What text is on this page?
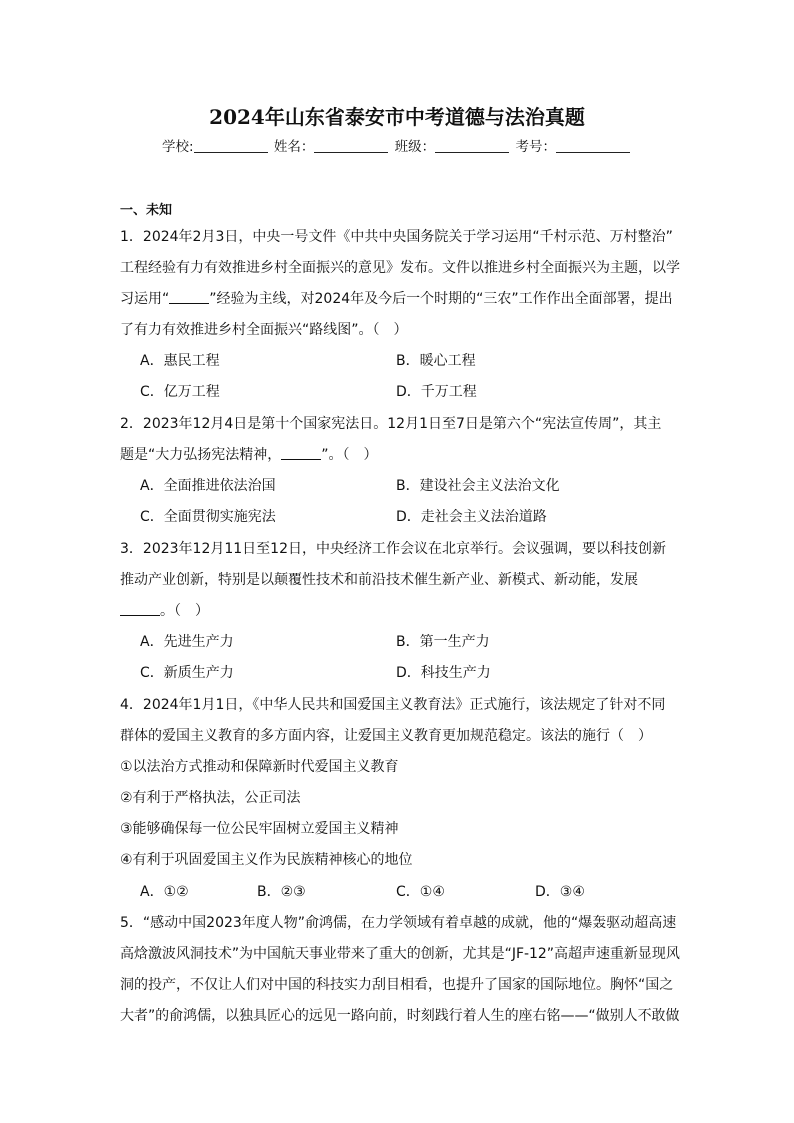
2024年山东省泰安市中考道德与法治真题
学校:	姓名：	班级：	考号：
一、未知
1．2024年2月3日，中央一号文件《中共中央国务院关于学习运用“千村示范、万村整治”
工程经验有力有效推进乡村全面振兴的意见》发布。文件以推进乡村全面振兴为主题，以学
习运用“	”经验为主线，对2024年及今后一个时期的“三农”工作作出全面部署，提出
了有力有效推进乡村全面振兴“路线图”。（　）
A．惠民工程	B．暖心工程
C．亿万工程	D．千万工程
2．2023年12月4日是第十个国家宪法日。12月1日至7日是第六个“宪法宣传周”，其主
题是“大力弘扬宪法精神，	”。（　）
A．全面推进依法治国	B．建设社会主义法治文化
C．全面贯彻实施宪法	D．走社会主义法治道路
3．2023年12月11日至12日，中央经济工作会议在北京举行。会议强调，要以科技创新
推动产业创新，特别是以颠覆性技术和前沿技术催生新产业、新模式、新动能，发展
。（　）
A．先进生产力	B．第一生产力
C．新质生产力	D．科技生产力
4．2024年1月1日，《中华人民共和国爱国主义教育法》正式施行，该法规定了针对不同
群体的爱国主义教育的多方面内容，让爱国主义教育更加规范稳定。该法的施行（　）
①以法治方式推动和保障新时代爱国主义教育
②有利于严格执法，公正司法
③能够确保每一位公民牢固树立爱国主义精神
④有利于巩固爱国主义作为民族精神核心的地位
A．①②	B．②③	C．①④	D．③④
5．“感动中国2023年度人物”俞鸿儒，在力学领域有着卓越的成就，他的“爆轰驱动超高速
高焓激波风洞技术”为中国航天事业带来了重大的创新，尤其是“JF-12”高超声速重新显现风
洞的投产，不仅让人们对中国的科技实力刮目相看，也提升了国家的国际地位。胸怀“国之
大者”的俞鸿儒，以独具匠心的远见一路向前，时刻践行着人生的座右铭——“做别人不敢做
